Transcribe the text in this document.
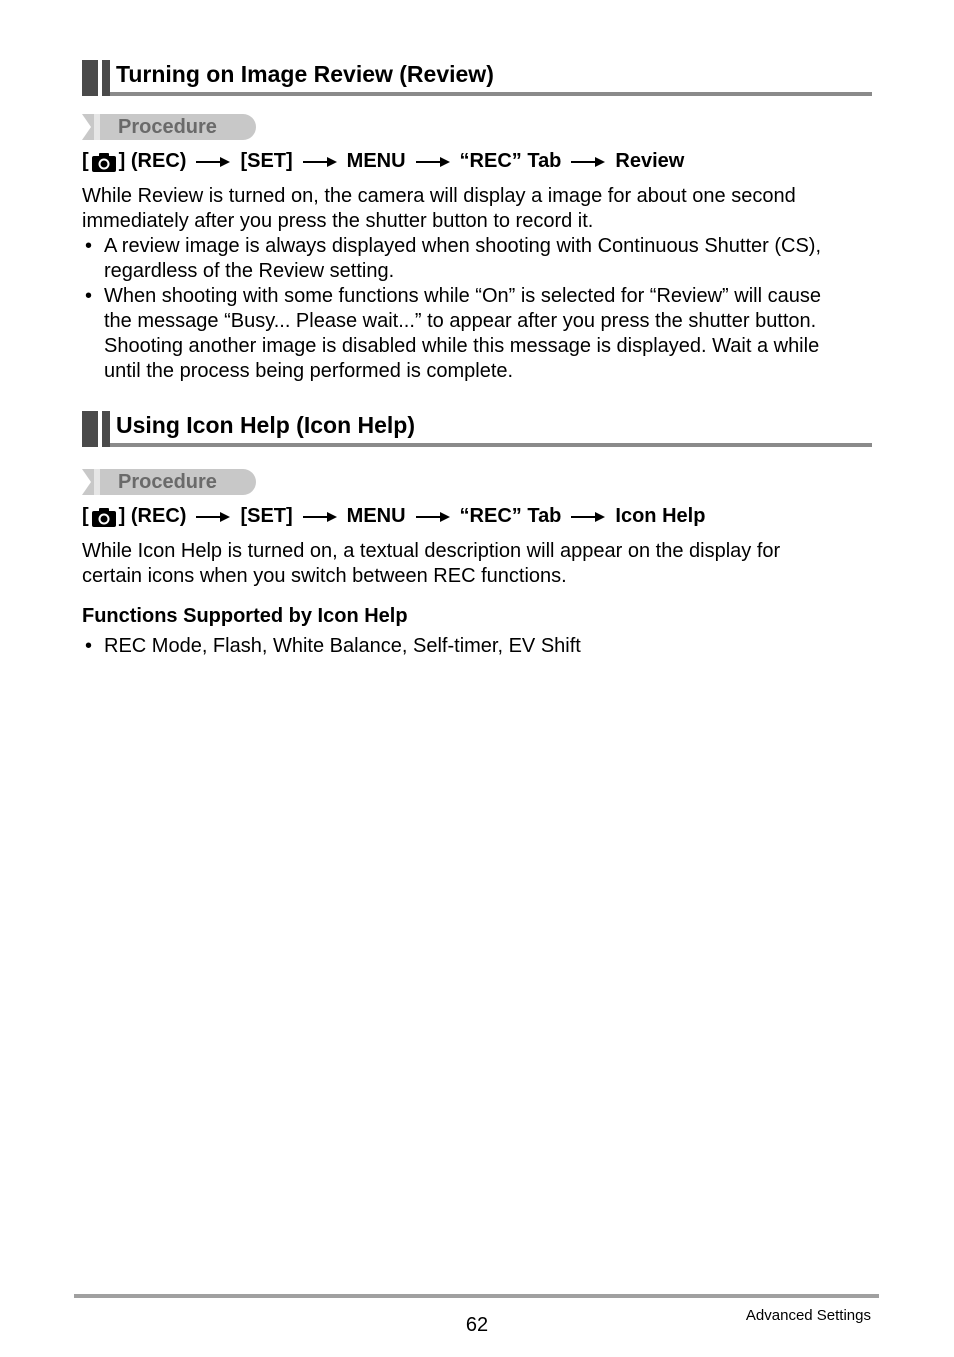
Turning on Image Review (Review)
Procedure
[ ] (REC)	[SET]	MENU	“REC” Tab	Review
While Review is turned on, the camera will display a image for about one second
immediately after you press the shutter button to record it.
• A review image is always displayed when shooting with Continuous Shutter (CS),
regardless of the Review setting.
• When shooting with some functions while “On” is selected for “Review” will cause
the message “Busy... Please wait...” to appear after you press the shutter button.
Shooting another image is disabled while this message is displayed. Wait a while
until the process being performed is complete.
Using Icon Help (Icon Help)
Procedure
[ ] (REC)	[SET]	MENU	“REC” Tab	Icon Help
While Icon Help is turned on, a textual description will appear on the display for
certain icons when you switch between REC functions.
Functions Supported by Icon Help
• REC Mode, Flash, White Balance, Self-timer, EV Shift
62	Advanced Settings
